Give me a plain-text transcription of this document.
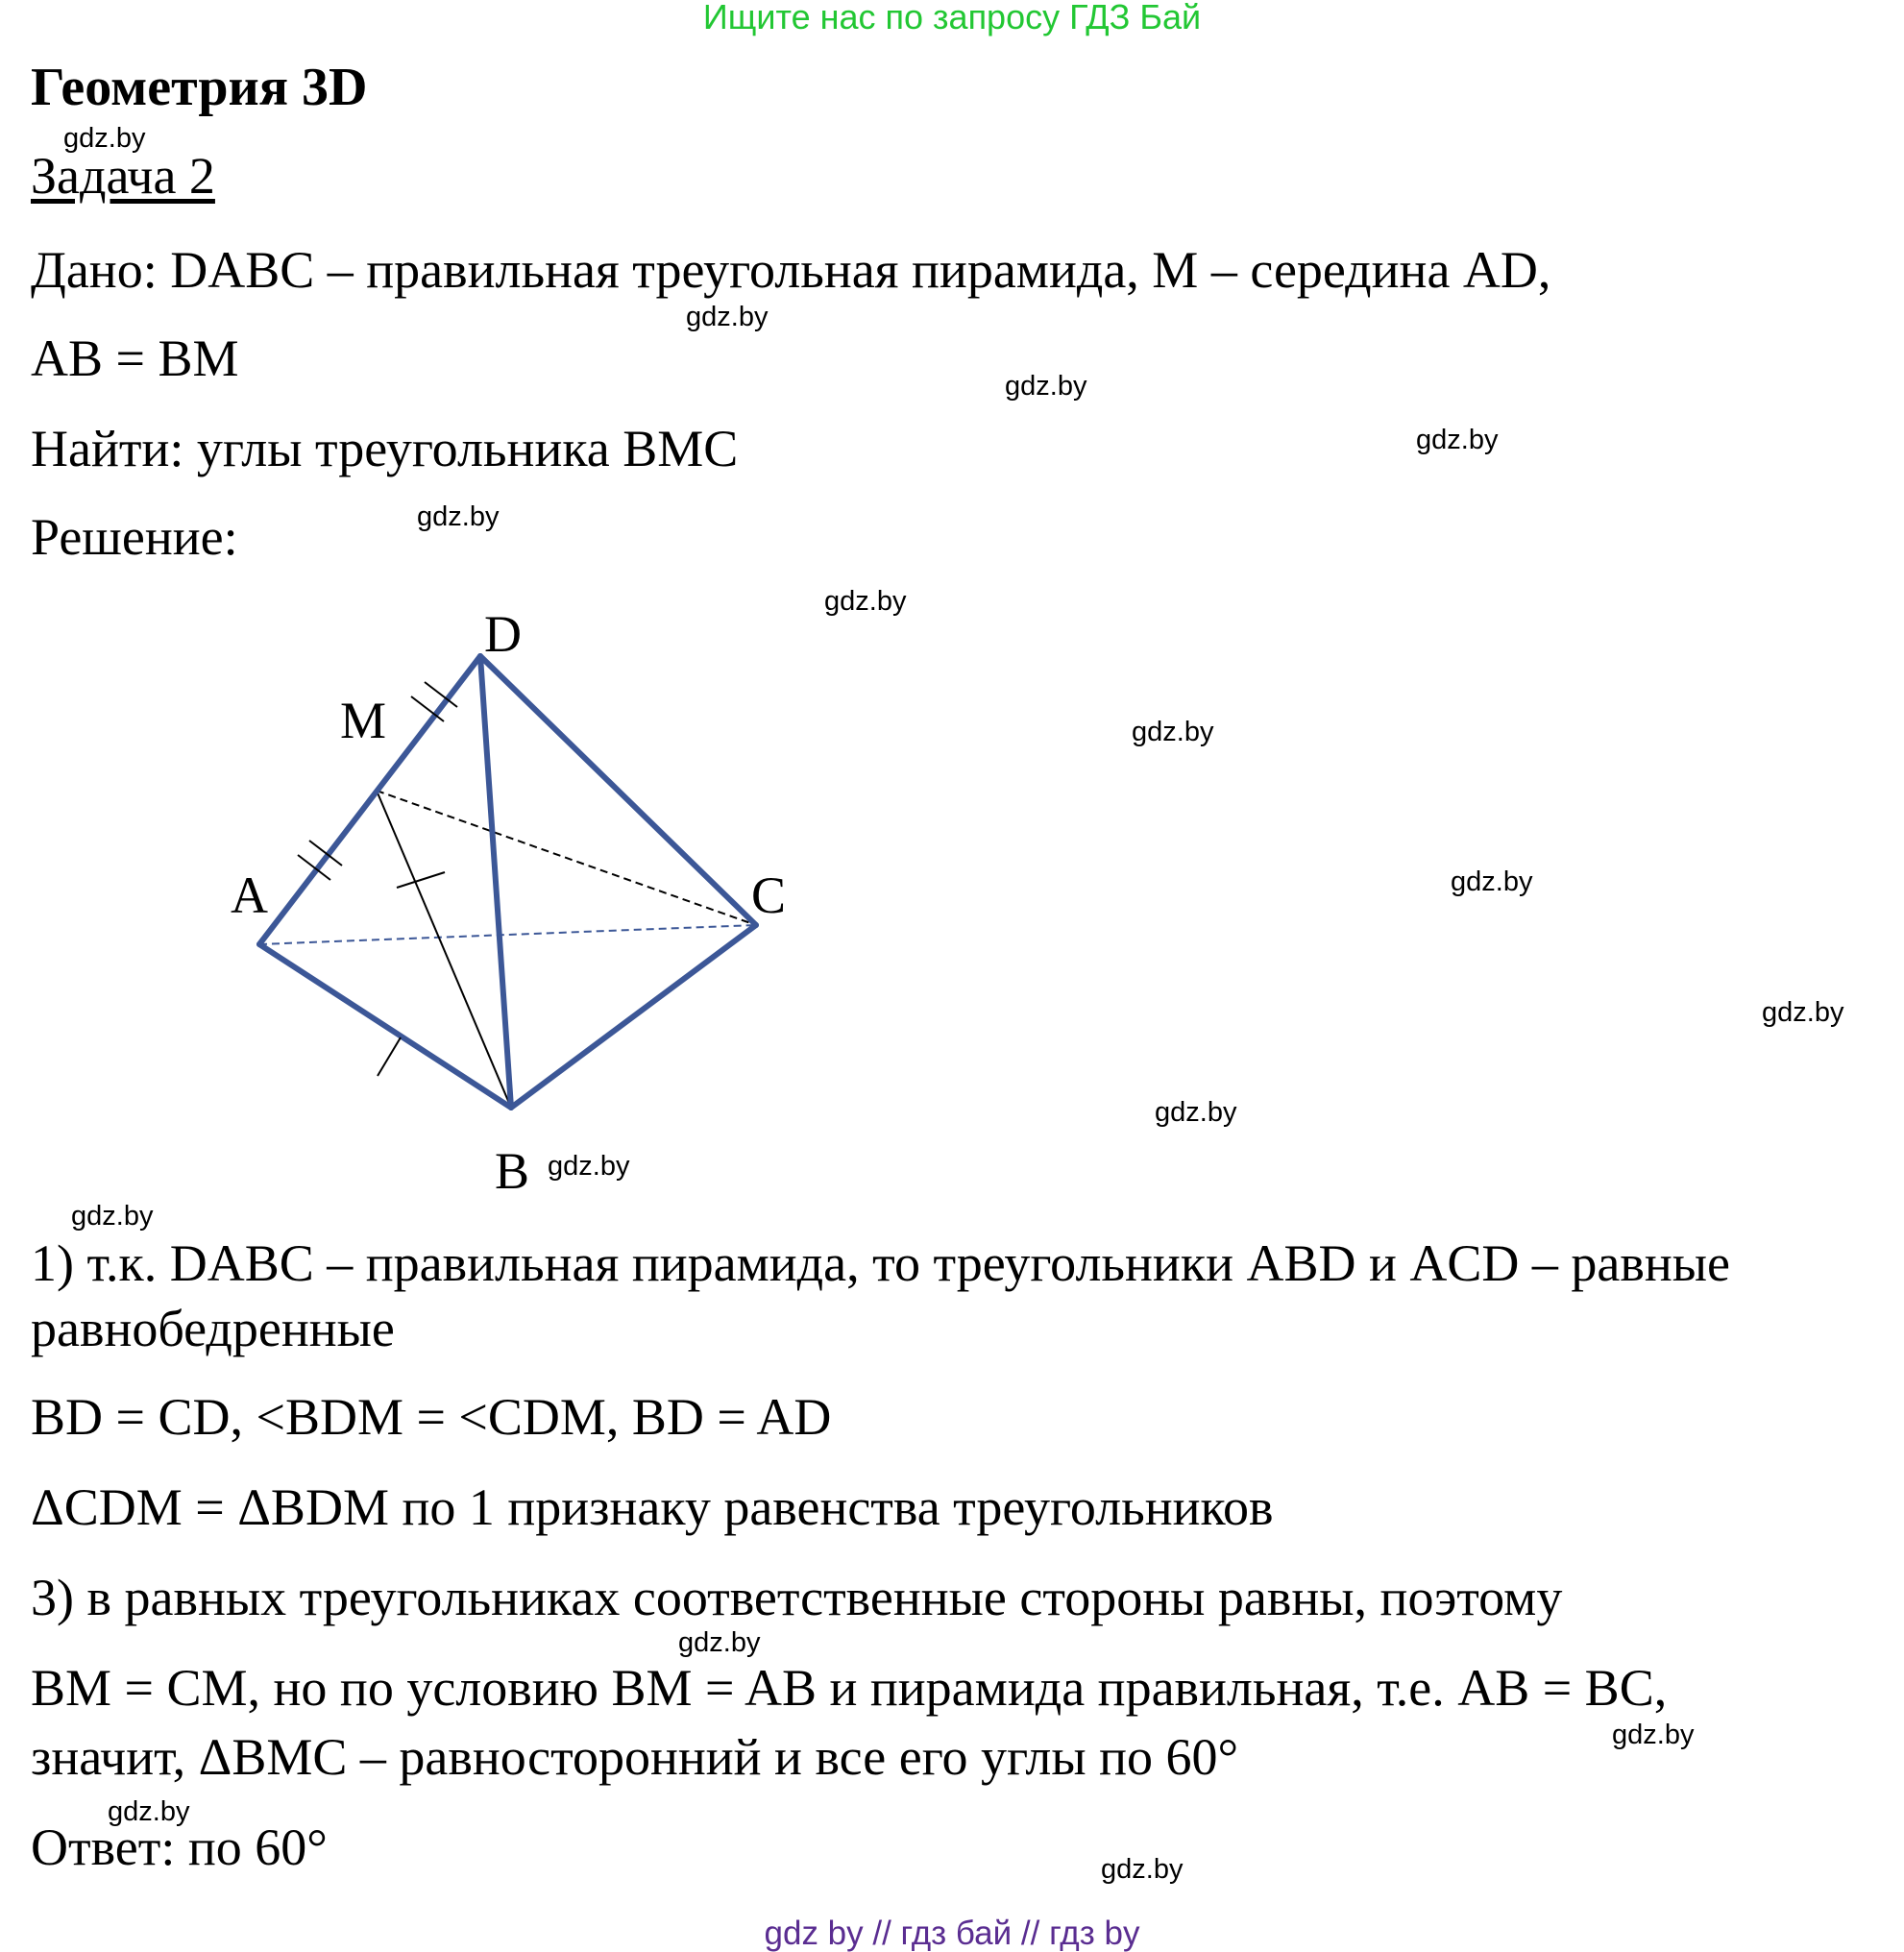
Ищите нас по запросу ГДЗ Бай
Геометрия 3D
Задача 2
Дано: DABC – правильная треугольная пирамида, M – середина AD,
AB = BM
Найти: углы треугольника BMC
Решение:
D
M
A	C
B
1) т.к. DABC – правильная пирамида, то треугольники ABD и ACD – равные
равнобедренные
BD = CD, <BDM = <CDM, BD = AD
ΔCDM = ΔBDM по 1 признаку равенства треугольников
3) в равных треугольниках соответственные стороны равны, поэтому
BM = CM, но по условию BM = AB и пирамида правильная, т.е. AB = BC,
значит, ΔBMC – равносторонний и все его углы по 60°
Ответ: по 60°
gdz.by
gdz.by
gdz.by
gdz.by
gdz.by
gdz.by
gdz.by
gdz.by
gdz.by
gdz.by
gdz.by
gdz.by
gdz.by
gdz.by
gdz.by
gdz.by
gdz by // гдз бай // гдз by
